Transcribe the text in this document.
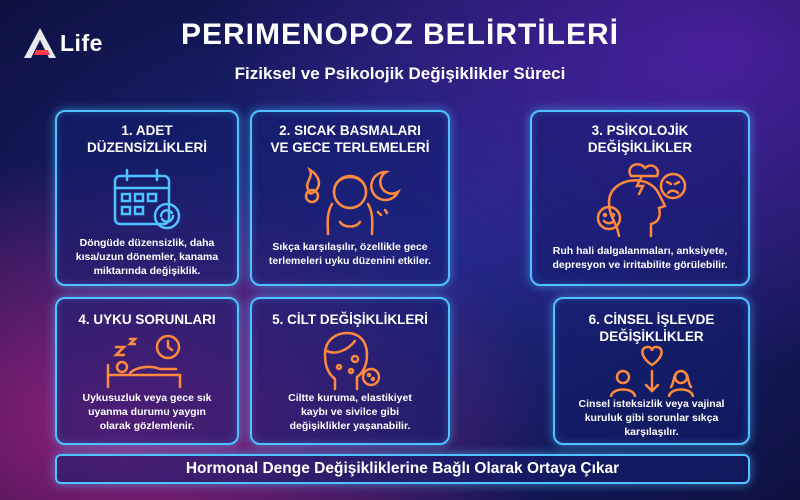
Life	PERIMENOPOZ BELİRTİLERİ
Fiziksel ve Psikolojik Değişiklikler Süreci
1. ADET
DÜZENSİZLİKLERİ
Döngüde düzensizlik, daha
kısa/uzun dönemler, kanama
miktarında değişiklik.
2. SICAK BASMALARI
VE GECE TERLEMELERİ
Sıkça karşılaşılır, özellikle gece
terlemeleri uyku düzenini etkiler.
3. PSİKOLOJİK
DEĞİŞİKLİKLER
Ruh hali dalgalanmaları, anksiyete,
depresyon ve irritabilite görülebilir.
4. UYKU SORUNLARI
Uykusuzluk veya gece sık
uyanma durumu yaygın
olarak gözlemlenir.
5. CİLT DEĞİŞİKLİKLERİ
Ciltte kuruma, elastikiyet
kaybı ve sivilce gibi
değişiklikler yaşanabilir.
6. CİNSEL İŞLEVDE
DEĞİŞİKLİKLER
Cinsel isteksizlik veya vajinal
kuruluk gibi sorunlar sıkça
karşılaşılır.
Hormonal Denge Değişikliklerine Bağlı Olarak Ortaya Çıkar
